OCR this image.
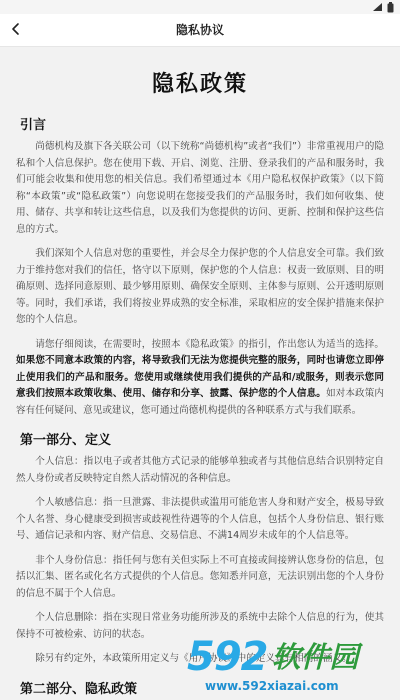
隐私协议
隐私政策
引言

尚德机构及旗下各关联公司（以下统称“尚德机构”或者“我们”）非常重视用户的隐私和个人信息保护。您在使用下载、开启、浏览、注册、登录我们的产品和服务时，我们可能会收集和使用您的相关信息。我们希望通过本《用户隐私权保护政策》（以下简称“本政策”或“隐私政策”）向您说明在您接受我们的产品服务时，我们如何收集、使用、储存、共享和转让这些信息，以及我们为您提供的访问、更新、控制和保护这些信息的方式。

我们深知个人信息对您的重要性，并会尽全力保护您的个人信息安全可靠。我们致力于维持您对我们的信任，恪守以下原则，保护您的个人信息：权责一致原则、目的明确原则、选择同意原则、最少够用原则、确保安全原则、主体参与原则、公开透明原则等。同时，我们承诺，我们将按业界成熟的安全标准，采取相应的安全保护措施来保护您的个人信息。

请您仔细阅读，在需要时，按照本《隐私政策》的指引，作出您认为适当的选择。如果您不同意本政策的内容，将导致我们无法为您提供完整的服务，同时也请您立即停止使用我们的产品和服务。您使用或继续使用我们提供的产品和/或服务，则表示您同意我们按照本政策收集、使用、储存和分享、披露、保护您的个人信息。如对本政策内容有任何疑问、意见或建议，您可通过尚德机构提供的各种联系方式与我们联系。

第一部分、定义

个人信息：指以电子或者其他方式记录的能够单独或者与其他信息结合识别特定自然人身份或者反映特定自然人活动情况的各种信息。

个人敏感信息：指一旦泄露、非法提供或滥用可能危害人身和财产安全，极易导致个人名誉、身心健康受到损害或歧视性待遇等的个人信息，包括个人身份信息、银行账号、通信记录和内容、财产信息、交易信息、不满14周岁未成年的个人信息等。

非个人身份信息：指任何与您有关但实际上不可直接或间接辨认您身份的信息，包括以汇集、匿名或化名方式提供的个人信息。您知悉并同意，无法识别出您的个人身份的信息不属于个人信息。

个人信息删除：指在实现日常业务功能所涉及的系统中去除个人信息的行为，使其保持不可被检索、访问的状态。

除另有约定外，本政策所用定义与《用户协议》中的定义具有相同的涵义。

第二部分、隐私政策
592 软件园
www.592xiazai.com
